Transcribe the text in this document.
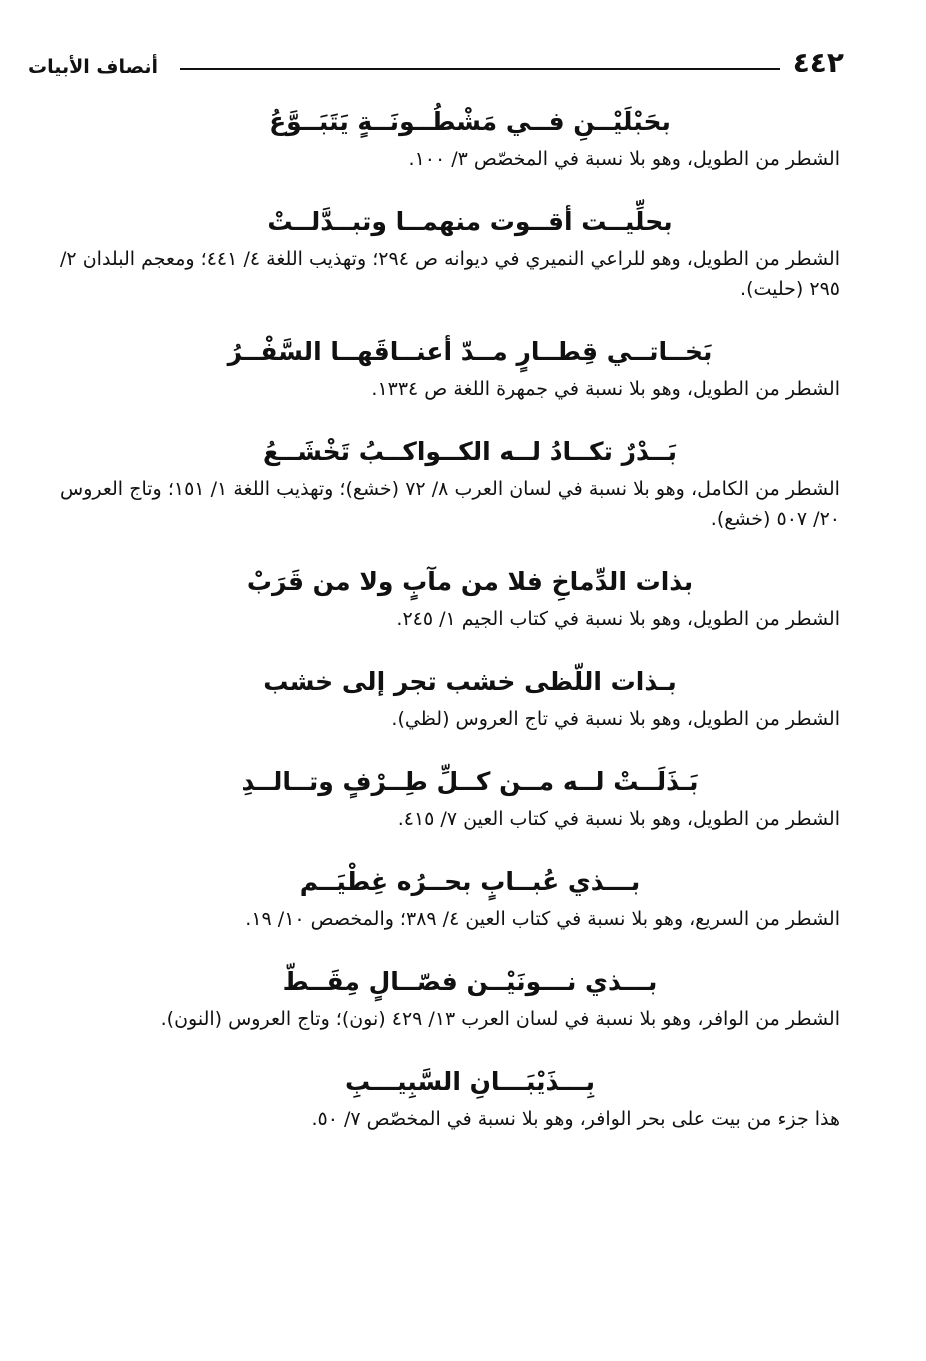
٤٤٢
أنصاف الأبيات
بحَبْلَيْــنِ فــي مَشْطُــونَــةٍ يَتَبَــوَّعُ
الشطر من الطويل، وهو بلا نسبة في المخصّص ٣/ ١٠٠.
بحلِّيــت أقــوت منهمــا وتبــدَّلــتْ
الشطر من الطويل، وهو للراعي النميري في ديوانه ص ٢٩٤؛ وتهذيب اللغة ٤/ ٤٤١؛ ومعجم البلدان ٢/ ٢٩٥ (حليت).
بَخــاتــي قِطــارٍ مــدّ أعنــاقَهــا السَّفْــرُ
الشطر من الطويل، وهو بلا نسبة في جمهرة اللغة ص ١٣٣٤.
بَــدْرٌ تكــادُ لــه الكــواكــبُ تَخْشَــعُ
الشطر من الكامل، وهو بلا نسبة في لسان العرب ٨/ ٧٢ (خشع)؛ وتهذيب اللغة ١/ ١٥١؛ وتاج العروس ٢٠/ ٥٠٧ (خشع).
بذات الدِّماخِ فلا من مآبٍ ولا من قَرَبْ
الشطر من الطويل، وهو بلا نسبة في كتاب الجيم ١/ ٢٤٥.
بـذات اللّظى خشب تجر إلى خشب
الشطر من الطويل، وهو بلا نسبة في تاج العروس (لظي).
بَـذَلَــتْ لــه مــن كــلِّ طِــرْفٍ وتــالــدِ
الشطر من الطويل، وهو بلا نسبة في كتاب العين ٧/ ٤١٥.
بـــذي عُبــابٍ بحــرُه غِطْيَــم
الشطر من السريع، وهو بلا نسبة في كتاب العين ٤/ ٣٨٩؛ والمخصص ١٠/ ١٩.
بـــذي نـــونَيْــن فصّــالٍ مِقَــطّ
الشطر من الوافر، وهو بلا نسبة في لسان العرب ١٣/ ٤٢٩ (نون)؛ وتاج العروس (النون).
بِـــذَيْبَـــانِ السَّبِيـــبِ
هذا جزء من بيت على بحر الوافر، وهو بلا نسبة في المخصّص ٧/ ٥٠.
